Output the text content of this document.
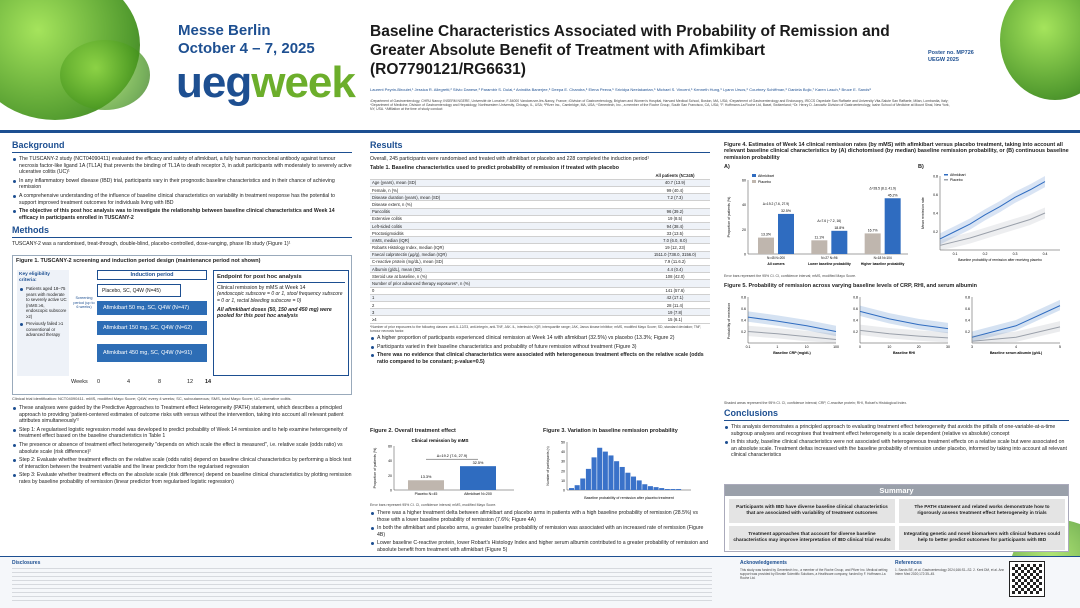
Messe Berlin
October 4 – 7, 2025
uegweek
Baseline Characteristics Associated with Probability of Remission and Greater Absolute Benefit of Treatment with Afimkibart (RO7790121/RG6631)
Laurent Peyrin-Biroulet,¹ Jessica R. Allegretti,² Silvio Danese,³ Parambir S. Dulai,⁴ Anindita Banerjee,⁵ Deepa E. Chandra,⁵ Elena Peeva,⁵ Srividya Neelakantan,⁵ Michael S. Vincent,⁵ Kenneth Hung,⁶ Lyann Ursos,⁶ Courtney Schiffman,⁶ Daniela Bojic,⁷ Karen Lasch,⁶ Bruce E. Sands⁸
¹Department of Gastroenterology, CHRU Nancy; INSERM NGERE, Université de Lorraine, F-54000 Vandoeuvre-lès-Nancy, France; ²Division of Gastroenterology, Brigham and Women's Hospital, Harvard Medical School, Boston, MA, USA; ³Department of Gastroenterology and Endoscopy, IRCCS Ospedale San Raffaele and University Vita-Salute San Raffaele, Milan, Lombardia, Italy; ⁴Department of Medicine, Division of Gastroenterology and Hepatology, Northwestern University, Chicago, IL, USA; ⁵Pfizer Inc., Cambridge, MA, USA; ⁶Genentech, Inc., a member of the Roche Group, South San Francisco, CA, USA; ⁷F. Hoffmann-La Roche Ltd, Basel, Switzerland; ⁸Dr. Henry D. Janowitz Division of Gastroenterology, Icahn School of Medicine at Mount Sinai, New York, NY, USA. *Affiliation at the time of study conduct
Poster no. MP726
UEGW 2025
Background
The TUSCANY-2 study (NCT04090411) evaluated the efficacy and safety of afimkibart, a fully human monoclonal antibody against tumour necrosis factor-like ligand 1A (TL1A) that prevents the binding of TL1A to death receptor 3, in adult participants with moderately to severely active ulcerative colitis (UC)¹
In any inflammatory bowel disease (IBD) trial, participants vary in their prognostic baseline characteristics and in their chance of achieving remission
A comprehensive understanding of the influence of baseline clinical characteristics on variability in treatment response has the potential to support improved treatment outcomes for individuals living with IBD
The objective of this post hoc analysis was to investigate the relationship between baseline clinical characteristics and Week 14 efficacy in participants enrolled in TUSCANY-2
Methods
TUSCANY-2 was a randomised, treat-through, double-blind, placebo-controlled, dose-ranging, phase IIb study (Figure 1)¹
Figure 1. TUSCANY-2 screening and induction period design (maintenance period not shown)
Key eligibility criteria:
Patients aged 18–75 years with moderate to severely active UC (mMS ≥6, endoscopic subscore ≥2)
Previously failed ≥1 conventional or advanced therapy
Screening period (up to 6 weeks)
Induction period
Placebo, SC, Q4W (N=45)
Afimkibart 50 mg, SC, Q4W (N=47)
Afimkibart 150 mg, SC, Q4W (N=62)
Afimkibart 450 mg, SC, Q4W (N=91)
Endpoint for post hoc analysis
Clinical remission by mMS at Week 14
(endoscopic subscore = 0 or 1, stool frequency subscore = 0 or 1, rectal bleeding subscore = 0)
All afimkibart doses (50, 150 and 450 mg) were pooled for this post hoc analysis
Weeks 0	4	8	12 14
Clinical trial identification: NCT04090411. mMS, modified Mayo Score; Q4W, every 4 weeks; SC, subcutaneous; SMS, total Mayo Score; UC, ulcerative colitis.
These analyses were guided by the Predictive Approaches to Treatment effect Heterogeneity (PATH) statement, which describes a principled approach to providing 'patient-centered estimates of outcome risks with versus without the intervention, taking into account all relevant patient attributes simultaneously'²
Step 1: A regularised logistic regression model was developed to predict probability of Week 14 remission and to help examine heterogeneity of treatment effect based on the baseline characteristics in Table 1
The presence or absence of treatment effect heterogeneity "depends on which scale the effect is measured", i.e. relative scale (odds ratio) vs absolute scale (risk difference)²
Step 2: Evaluate whether treatment effects on the relative scale (odds ratio) depend on baseline clinical characteristics by performing a block test of interaction between the treatment variable and the linear predictor from the regularised regression
Step 3: Evaluate whether treatment effects on the absolute scale (risk difference) depend on baseline clinical characteristics by plotting remission rates by baseline probability of remission (linear predictor from regularised logistic regression)
Disclosures	Acknowledgements
This study was funded by Genentech Inc., a member of the Roche Group, and Pfizer Inc. Medical writing support was provided by Elevate Scientific Solutions, a Healthcare company, funded by F. Hoffmann-La Roche Ltd.
References
1. Sands BE, et al. Gastroenterology 2024;166:S1–S2. 2. Kent DM, et al. Ann Intern Med 2020;172:35–45.
Results
Overall, 245 participants were randomised and treated with afimkibart or placebo and 228 completed the induction period¹
Table 1. Baseline characteristics used to predict probability of remission if treated with placebo
	All patients (N=245)
Age (years), mean (SD)	40.7 (13.9)
Female, n (%)	99 (40.4)
Disease duration (years), mean (SD)	7.2 (7.3)
Disease extent, n (%)	
Pancolitis	96 (39.2)
Extensive colitis	19 (8.5)
Left-sided colitis	94 (38.4)
Proctosigmoiditis	33 (13.5)
mMS, median (IQR)	7.0 (6.0, 8.0)
Robarts Histology Index, median (IQR)	19 (12, 23)
Faecal calprotectin (µg/g), median (IQR)	1511.0 (738.0, 3156.0)
C-reactive protein (mg/dL), mean (SD)	7.9 (11.6.2)
Albumin (g/dL), mean (SD)	4.4 (0.4)
Steroid use at baseline, n (%)	108 (42.0)
Number of prior advanced therapy exposures*, n (%)	
0	141 (57.6)
1	42 (17.1)
2	28 (11.4)
3	19 (7.8)
≥4	15 (6.1)
*Number of prior exposures to the following classes: anti-IL-12/23, anti-integrin, anti-TNF, JAK. IL, interleukin; IQR, interquartile range; JAK, Janus kinase inhibitor; mMS, modified Mayo Score; SD, standard deviation; TNF, tumour necrosis factor.
A higher proportion of participants experienced clinical remission at Week 14 with afimkibart (32.5%) vs placebo (13.3%; Figure 2)
Participants varied in their baseline characteristics and probability of future remission without treatment (Figure 3)
There was no evidence that clinical characteristics were associated with heterogeneous treatment effects on the relative scale (odds ratio compared to be constant; p-value=0.5)
Figure 2. Overall treatment effect
Clinical remission by mMS
0
20
40
60
Proportion of patients (%)	13.3%
Placebo N=45
32.5%
Afimkibart N=200
Δ=19.2 (7.6, 27.9)
Figure 3. Variation in baseline remission probability
0
10
20
30
40
50
Number of participants (n)
Baseline probability of remission after placebo treatment
Error bars represent 95% CI. CI, confidence interval; mMS, modified Mayo Score.
There was a higher treatment delta between afimkibart and placebo arms in patients with a high baseline probability of remission (28.5%) vs those with a lower baseline probability of remission (7.6%; Figure 4A)
In both the afimkibart and placebo arms, a greater baseline probability of remission was associated with an increased rate of remission (Figure 4B)
Lower baseline C-reactive protein, lower Robart's Histology Index and higher serum albumin contributed to a greater probability of remission and absolute benefit from treatment with afimkibart (Figure 5)
Figure 4. Estimates of Week 14 clinical remission rates (by mMS) with afimkibart versus placebo treatment, taking into account all relevant baseline clinical characteristics by (A) dichotomised (by median) baseline remission probability, or (B) continuous baseline remission probability
A)	B)
0
20
40
60
Proportion of patients (%)
Afimkibart
Placebo
13.3%
32.5%
Δ=19.2 (7.6, 27.9)
N=45 N=200
All comers
11.1%
18.8%
Δ=7.6 (−7.2, 16)
N=27 N=96
Lower baseline probability
16.7%
45.2%
Δ=28.5 (8.3, 41.9)
N=18 N=104
Higher baseline probability
0.2
0.4
0.6
0.8
0.1	0.2	0.3	0.4
Mean remission rate
Baseline probability of remission after receiving placebo
Afimkibart
Placebo
Error bars represent the 95% CI. CI, confidence interval; mMS, modified Mayo Score.
Figure 5. Probability of remission across varying baseline levels of CRP, RHI, and serum albumin
0.2
0.4
0.6
0.8
0.1	1	10	100
Baseline CRP (mg/dL)
0.2
0.4
0.6
0.8
0	10	20	30
Baseline RHI
0.2
0.4
0.6
0.8
3	4	5
Baseline serum albumin (g/dL)
Probability of remission
Shaded areas represent the 95% CI. CI, confidence interval; CRP, C-reactive protein; RHI, Robart's Histological Index.
Conclusions
This analysis demonstrates a principled approach to evaluating treatment effect heterogeneity that avoids the pitfalls of one-variable-at-a-time subgroup analyses and recognises that treatment effect heterogeneity is a scale dependent (relative vs absolute) concept
In this study, baseline clinical characteristics were not associated with heterogeneous treatment effects on a relative scale but were associated on an absolute scale. Treatment deltas increased with the baseline probability of remission under placebo, informed by taking into account all relevant clinical characteristics
Summary
Participants with IBD have diverse baseline clinical characteristics that are associated with variability of treatment outcomes
The PATH statement and related works demonstrate how to rigorously assess treatment effect heterogeneity in trials
Treatment approaches that account for diverse baseline characteristics may improve interpretation of IBD clinical trial results
Integrating genetic and novel biomarkers with clinical features could help to better predict outcomes for participants with IBD
